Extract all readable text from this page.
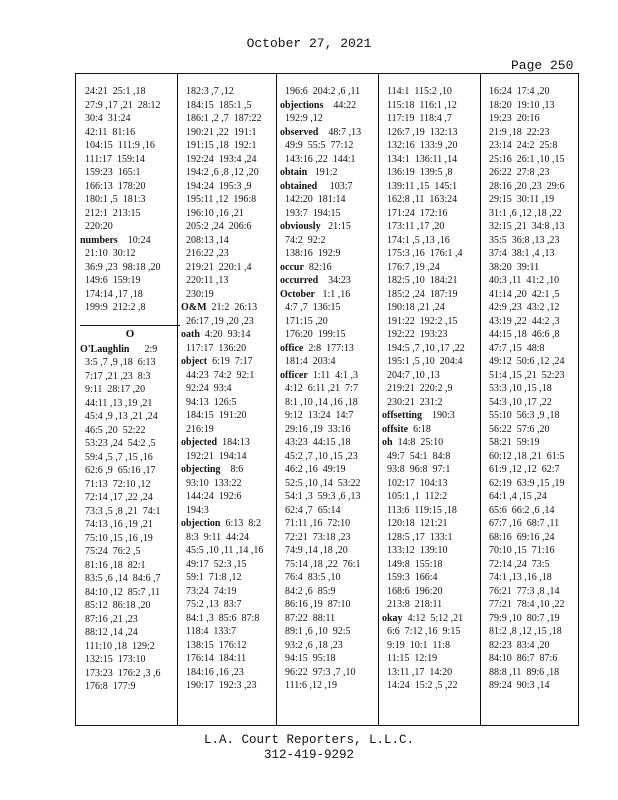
October 27, 2021
Page 250
24:21  25:1 ,18
27:9 ,17 ,21  28:12
30:4  31:24
42:11  81:16
104:15  111:9 ,16
111:17  159:14
159:23  165:1
166:13  178:20
180:1 ,5  181:3
212:1  213:15
220:20
numbers    10:24
21:10  30:12
36:9 ,23  98:18 ,20
149:6  159:19
174:14 ,17 ,18
199:9  212:2 ,8
O
O'Laughlin      2:9
3:5 ,7 ,9 ,18  6:13
7:17 ,21 ,23  8:3
9:11  28:17 ,20
44:11 ,13 ,19 ,21
45:4 ,9 ,13 ,21 ,24
46:5 ,20  52:22
53:23 ,24  54:2 ,5
59:4 ,5 ,7 ,15 ,16
62:6 ,9  65:16 ,17
71:13  72:10 ,12
72:14 ,17 ,22 ,24
73:3 ,5 ,8 ,21  74:1
74:13 ,16 ,19 ,21
75:10 ,15 ,16 ,19
75:24  76:2 ,5
81:16 ,18  82:1
83:5 ,6 ,14  84:6 ,7
84:10 ,12  85:7 ,11
85:12  86:18 ,20
87:16 ,21 ,23
88:12 ,14 ,24
111:10 ,18  129:2
132:15  173:10
173:23  176:2 ,3 ,6
176:8  177:9
182:3 ,7 ,12
184:15  185:1 ,5
186:1 ,2 ,7  187:22
190:21 ,22  191:1
191:15 ,18  192:1
192:24  193:4 ,24
194:2 ,6 ,8 ,12 ,20
194:24  195:3 ,9
195:11 ,12  196:8
196:10 ,16 ,21
205:2 ,24  206:6
208:13 ,14
216:22 ,23
219:21  220:1 ,4
220:11 ,13
230:19
O&M  21:2  26:13
26:17 ,19 ,20 ,23
oath  4:20  93:14
117:17  136:20
object  6:19  7:17
44:23  74:2  92:1
92:24  93:4
94:13  126:5
184:15  191:20
216:19
objected  184:13
192:21  194:14
objecting    8:6
93:10  133:22
144:24  192:6
194:3
objection  6:13  8:2
8:3  9:11  44:24
45:5 ,10 ,11 ,14 ,16
49:17  52:3 ,15
59:1  71:8 ,12
73:24  74:19
75:2 ,13  83:7
84:1 ,3  85:6  87:8
118:4  133:7
138:15  176:12
176:14  184:11
184:16 ,16 ,23
190:17  192:3 ,23
196:6  204:2 ,6 ,11
objections    44:22
192:9 ,12
observed    48:7 ,13
49:9  55:5  77:12
143:16 ,22  144:1
obtain   191:2
obtained     103:7
142:20  181:14
193:7  194:15
obviously   21:15
74:2  92:2
138:16  192:9
occur  82:16
occurred    34:23
October   1:1 ,16
4:7 ,7  136:15
171:15 ,20
176:20  199:15
office  2:8  177:13
181:4  203:4
officer  1:11  4:1 ,3
4:12  6:11 ,21  7:7
8:1 ,10 ,14 ,16 ,18
9:12  13:24  14:7
29:16 ,19  33:16
43:23  44:15 ,18
45:2 ,7 ,10 ,15 ,23
46:2 ,16  49:19
52:5 ,10 ,14  53:22
54:1 ,3  59:3 ,6 ,13
62:4 ,7  65:14
71:11 ,16  72:10
72:21  73:18 ,23
74:9 ,14 ,18 ,20
75:14 ,18 ,22  76:1
76:4  83:5 ,10
84:2 ,6  85:9
86:16 ,19  87:10
87:22  88:11
89:1 ,6 ,10  92:5
93:2 ,6 ,18 ,23
94:15  95:18
96:22  97:3 ,7 ,10
111:6 ,12 ,19
114:1  115:2 ,10
115:18  116:1 ,12
117:19  118:4 ,7
126:7 ,19  132:13
132:16  133:9 ,20
134:1  136:11 ,14
136:19  139:5 ,8
139:11 ,15  145:1
162:8 ,11  163:24
171:24  172:16
173:11 ,17 ,20
174:1 ,5 ,13 ,16
175:3 ,16  176:1 ,4
176:7 ,19 ,24
182:5 ,10  184:21
185:2 ,24  187:19
190:18 ,21 ,24
191:22  192:2 ,15
192:22  193:23
194:5 ,7 ,10 ,17 ,22
195:1 ,5 ,10  204:4
204:7 ,10 ,13
219:21  220:2 ,9
230:21  231:2
offsetting    190:3
offsite  6:18
oh  14:8  25:10
49:7  54:1  84:8
93:8  96:8  97:1
102:17  104:13
105:1 ,1  112:2
113:6  119:15 ,18
120:18  121:21
128:5 ,17  133:1
133:12  139:10
149:8  155:18
159:3  166:4
168:6  196:20
213:8  218:11
okay  4:12  5:12 ,21
6:6  7:12 ,16  9:15
9:19  10:1  11:8
11:15  12:19
13:11 ,17  14:20
14:24  15:2 ,5 ,22
16:24  17:4 ,20
18:20  19:10 ,13
19:23  20:16
21:9 ,18  22:23
23:14  24:2  25:8
25:16  26:1 ,10 ,15
26:22  27:8 ,23
28:16 ,20 ,23  29:6
29:15  30:11 ,19
31:1 ,6 ,12 ,18 ,22
32:15 ,21  34:8 ,13
35:5  36:8 ,13 ,23
37:4  38:1 ,4 ,13
38:20  39:11
40:3 ,11  41:2 ,10
41:14 ,20  42:1 ,5
42:9 ,23  43:2 ,12
43:19 ,22  44:2 ,3
44:15 ,18  46:6 ,8
47:7 ,15  48:8
49:12  50:6 ,12 ,24
51:4 ,15 ,21  52:23
53:3 ,10 ,15 ,18
54:3 ,10 ,17 ,22
55:10  56:3 ,9 ,18
56:22  57:6 ,20
58:21  59:19
60:12 ,18 ,21  61:5
61:9 ,12 ,12  62:7
62:19  63:9 ,15 ,19
64:1 ,4 ,15 ,24
65:6  66:2 ,6 ,14
67:7 ,16  68:7 ,11
68:16  69:16 ,24
70:10 ,15  71:16
72:14 ,24  73:5
74:1 ,13 ,16 ,18
76:21  77:3 ,8 ,14
77:21  78:4 ,10 ,22
79:9 ,10  80:7 ,19
81:2 ,8 ,12 ,15 ,18
82:23  83:4 ,20
84:10  86:7  87:6
88:8 ,11  89:6 ,18
89:24  90:3 ,14
L.A. Court Reporters, L.L.C.
312-419-9292
